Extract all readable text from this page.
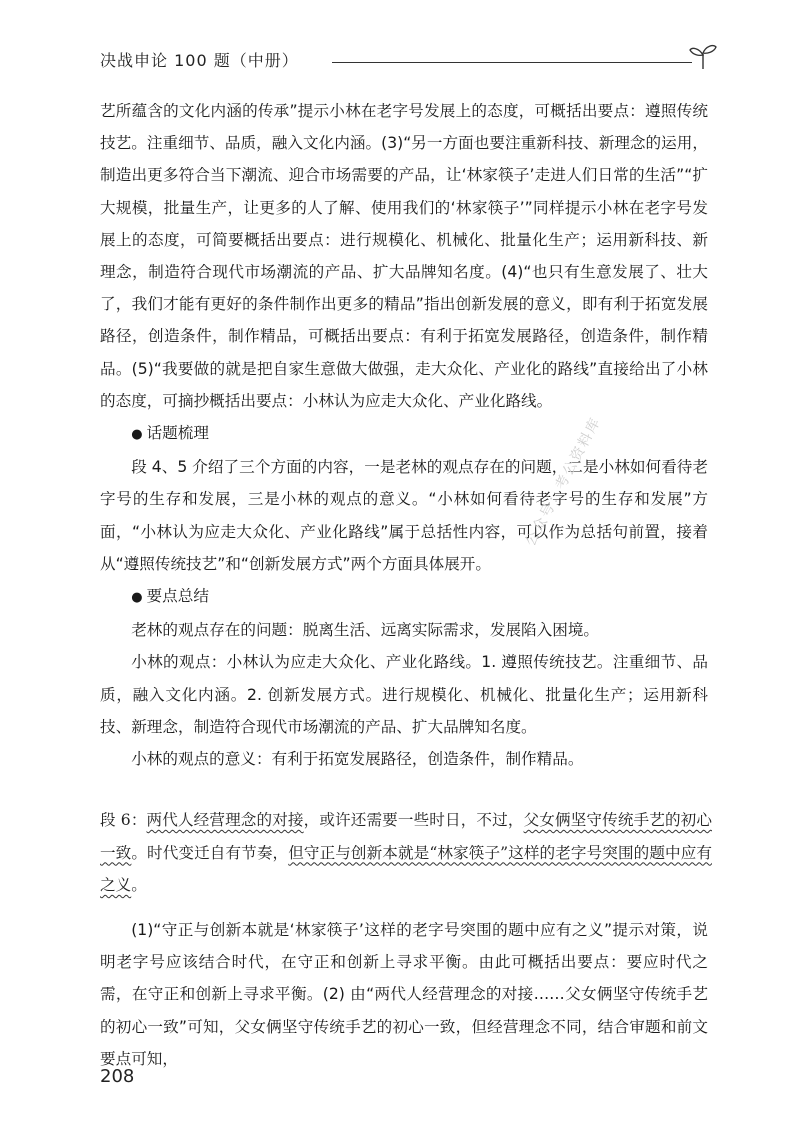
决战申论 100 题（中册）

艺所蕴含的文化内涵的传承”提示小林在老字号发展上的态度，可概括出要点：遵照传统技艺。注重细节、品质，融入文化内涵。(3)“另一方面也要注重新科技、新理念的运用，制造出更多符合当下潮流、迎合市场需要的产品，让‘林家筷子’走进人们日常的生活”“扩大规模，批量生产，让更多的人了解、使用我们的‘林家筷子’”同样提示小林在老字号发展上的态度，可简要概括出要点：进行规模化、机械化、批量化生产；运用新科技、新理念，制造符合现代市场潮流的产品、扩大品牌知名度。(4)“也只有生意发展了、壮大了，我们才能有更好的条件制作出更多的精品”指出创新发展的意义，即有利于拓宽发展路径，创造条件，制作精品，可概括出要点：有利于拓宽发展路径，创造条件，制作精品。(5)“我要做的就是把自家生意做大做强，走大众化、产业化的路线”直接给出了小林的态度，可摘抄概括出要点：小林认为应走大众化、产业化路线。

● 话题梳理

段 4、5 介绍了三个方面的内容，一是老林的观点存在的问题，二是小林如何看待老字号的生存和发展，三是小林的观点的意义。“小林如何看待老字号的生存和发展”方面，“小林认为应走大众化、产业化路线”属于总括性内容，可以作为总括句前置，接着从“遵照传统技艺”和“创新发展方式”两个方面具体展开。

● 要点总结

老林的观点存在的问题：脱离生活、远离实际需求，发展陷入困境。

小林的观点：小林认为应走大众化、产业化路线。1. 遵照传统技艺。注重细节、品质，融入文化内涵。2. 创新发展方式。进行规模化、机械化、批量化生产；运用新科技、新理念，制造符合现代市场潮流的产品、扩大品牌知名度。

小林的观点的意义：有利于拓宽发展路径，创造条件，制作精品。

段 6：两代人经营理念的对接，或许还需要一些时日，不过，父女俩坚守传统手艺的初心一致。时代变迁自有节奏，但守正与创新本就是“林家筷子”这样的老字号突围的题中应有之义。

(1)“守正与创新本就是‘林家筷子’这样的老字号突围的题中应有之义”提示对策，说明老字号应该结合时代，在守正和创新上寻求平衡。由此可概括出要点：要应时代之需，在守正和创新上寻求平衡。(2) 由“两代人经营理念的对接……父女俩坚守传统手艺的初心一致”可知，父女俩坚守传统手艺的初心一致，但经营理念不同，结合审题和前文要点可知，

公众号：考公资料库
208
